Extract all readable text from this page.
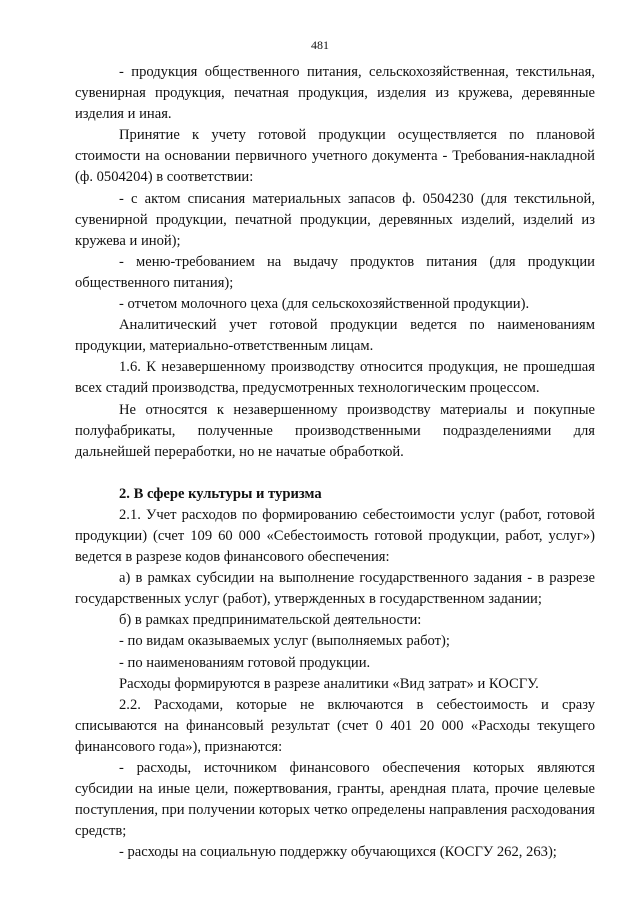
481

- продукция общественного питания, сельскохозяйственная, текстильная, сувенирная продукция, печатная продукция, изделия из кружева, деревянные изделия и иная.

Принятие к учету готовой продукции осуществляется по плановой стоимости на основании первичного учетного документа - Требования-накладной (ф. 0504204) в соответствии:

- с актом списания материальных запасов ф. 0504230 (для текстильной, сувенирной продукции, печатной продукции, деревянных изделий, изделий из кружева и иной);

- меню-требованием на выдачу продуктов питания (для продукции общественного питания);

- отчетом молочного цеха (для сельскохозяйственной продукции).

Аналитический учет готовой продукции ведется по наименованиям продукции, материально-ответственным лицам.

1.6. К незавершенному производству относится продукция, не прошедшая всех стадий производства, предусмотренных технологическим процессом.

Не относятся к незавершенному производству материалы и покупные полуфабрикаты, полученные производственными подразделениями для дальнейшей переработки, но не начатые обработкой.

2. В сфере культуры и туризма

2.1. Учет расходов по формированию себестоимости услуг (работ, готовой продукции) (счет 109 60 000 «Себестоимость готовой продукции, работ, услуг») ведется в разрезе кодов финансового обеспечения:

а) в рамках субсидии на выполнение государственного задания - в разрезе государственных услуг (работ), утвержденных в государственном задании;

б) в рамках предпринимательской деятельности:

- по видам оказываемых услуг (выполняемых работ);

- по наименованиям готовой продукции.

Расходы формируются в разрезе аналитики «Вид затрат» и КОСГУ.

2.2. Расходами, которые не включаются в себестоимость и сразу списываются на финансовый результат (счет 0 401 20 000 «Расходы текущего финансового года»), признаются:

- расходы, источником финансового обеспечения которых являются субсидии на иные цели, пожертвования, гранты, арендная плата, прочие целевые поступления, при получении которых четко определены направления расходования средств;

- расходы на социальную поддержку обучающихся (КОСГУ 262, 263);
